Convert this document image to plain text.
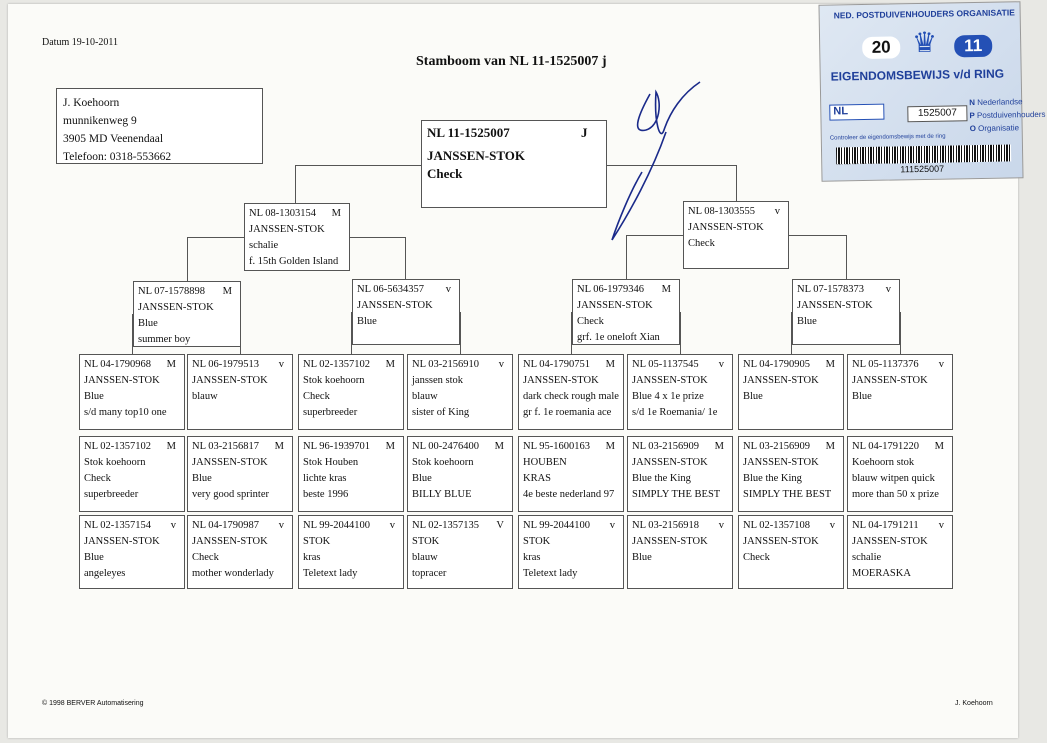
Datum 19-10-2011
Stamboom van NL 11-1525007 j
J. Koehoorn
munnikenweg 9
3905 MD Veenendaal
Telefoon: 0318-553662
NL 11-1525007	J
JANSSEN-STOK
Check
NL 08-1303154 M
JANSSEN-STOK
schalie
f. 15th Golden Island
NL 08-1303555 v
JANSSEN-STOK
Check
NL 07-1578898 M
JANSSEN-STOK
Blue
summer boy
NL 06-5634357 v
JANSSEN-STOK
Blue
NL 06-1979346 M
JANSSEN-STOK
Check
grf. 1e oneloft Xian
NL 07-1578373 v
JANSSEN-STOK
Blue
NL 04-1790968 M
JANSSEN-STOK
Blue
s/d many top10 one
NL 06-1979513 v
JANSSEN-STOK
blauw
NL 02-1357102 M
Stok koehoorn
Check
superbreeder
NL 03-2156910 v
janssen stok
blauw
sister of King
NL 04-1790751 M
JANSSEN-STOK
dark check rough male
gr f. 1e roemania ace
NL 05-1137545 v
JANSSEN-STOK
Blue 4 x 1e prize
s/d 1e Roemania/ 1e
NL 04-1790905 M
JANSSEN-STOK
Blue
NL 05-1137376 v
JANSSEN-STOK
Blue
NL 02-1357102 M
Stok koehoorn
Check
superbreeder
NL 03-2156817 M
JANSSEN-STOK
Blue
very good sprinter
NL 96-1939701 M
Stok Houben
lichte kras
beste 1996
NL 00-2476400 M
Stok koehoorn
Blue
BILLY BLUE
NL 95-1600163 M
HOUBEN
KRAS
4e beste nederland 97
NL 03-2156909 M
JANSSEN-STOK
Blue the King
SIMPLY THE BEST
NL 03-2156909 M
JANSSEN-STOK
Blue the King
SIMPLY THE BEST
NL 04-1791220 M
Koehoorn stok
blauw witpen quick
more than 50 x prize
NL 02-1357154 v
JANSSEN-STOK
Blue
angeleyes
NL 04-1790987 v
JANSSEN-STOK
Check
mother wonderlady
NL 99-2044100 v
STOK
kras
Teletext lady
NL 02-1357135 V
STOK
blauw
topracer
NL 99-2044100 v
STOK
kras
Teletext lady
NL 03-2156918 v
JANSSEN-STOK
Blue
NL 02-1357108 v
JANSSEN-STOK
Check
NL 04-1791211 v
JANSSEN-STOK
schalie
MOERASKA
NED. POSTDUIVENHOUDERS ORGANISATIE
20	11
♛
EIGENDOMSBEWIJS v/d RING
NL	1525007
N Nederlandse
P Postduivenhouders
O Organisatie
Controleer de eigendomsbewijs met de ring
111525007
© 1998 BERVER Automatisering	J. Koehoorn
